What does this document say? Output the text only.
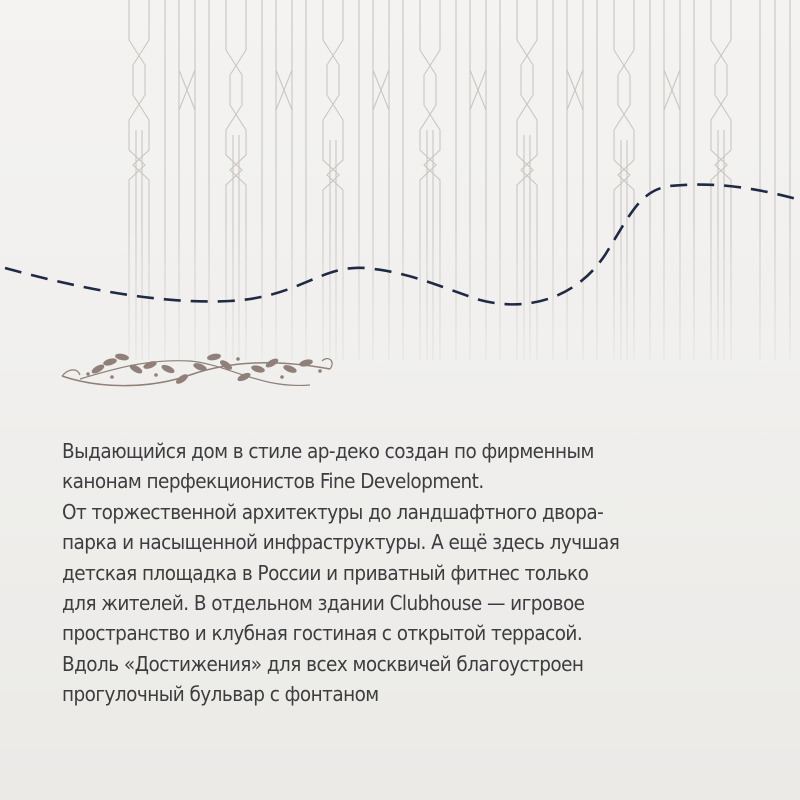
Выдающийся дом в стиле ар-деко создан по фирменным
канонам перфекционистов Fine Development.
От торжественной архитектуры до ландшафтного двора-
парка и насыщенной инфраструктуры. А ещё здесь лучшая
детская площадка в России и приватный фитнес только
для жителей. В отдельном здании Clubhouse — игровое
пространство и клубная гостиная с открытой террасой.
Вдоль «Достижения» для всех москвичей благоустроен
прогулочный бульвар с фонтаном
